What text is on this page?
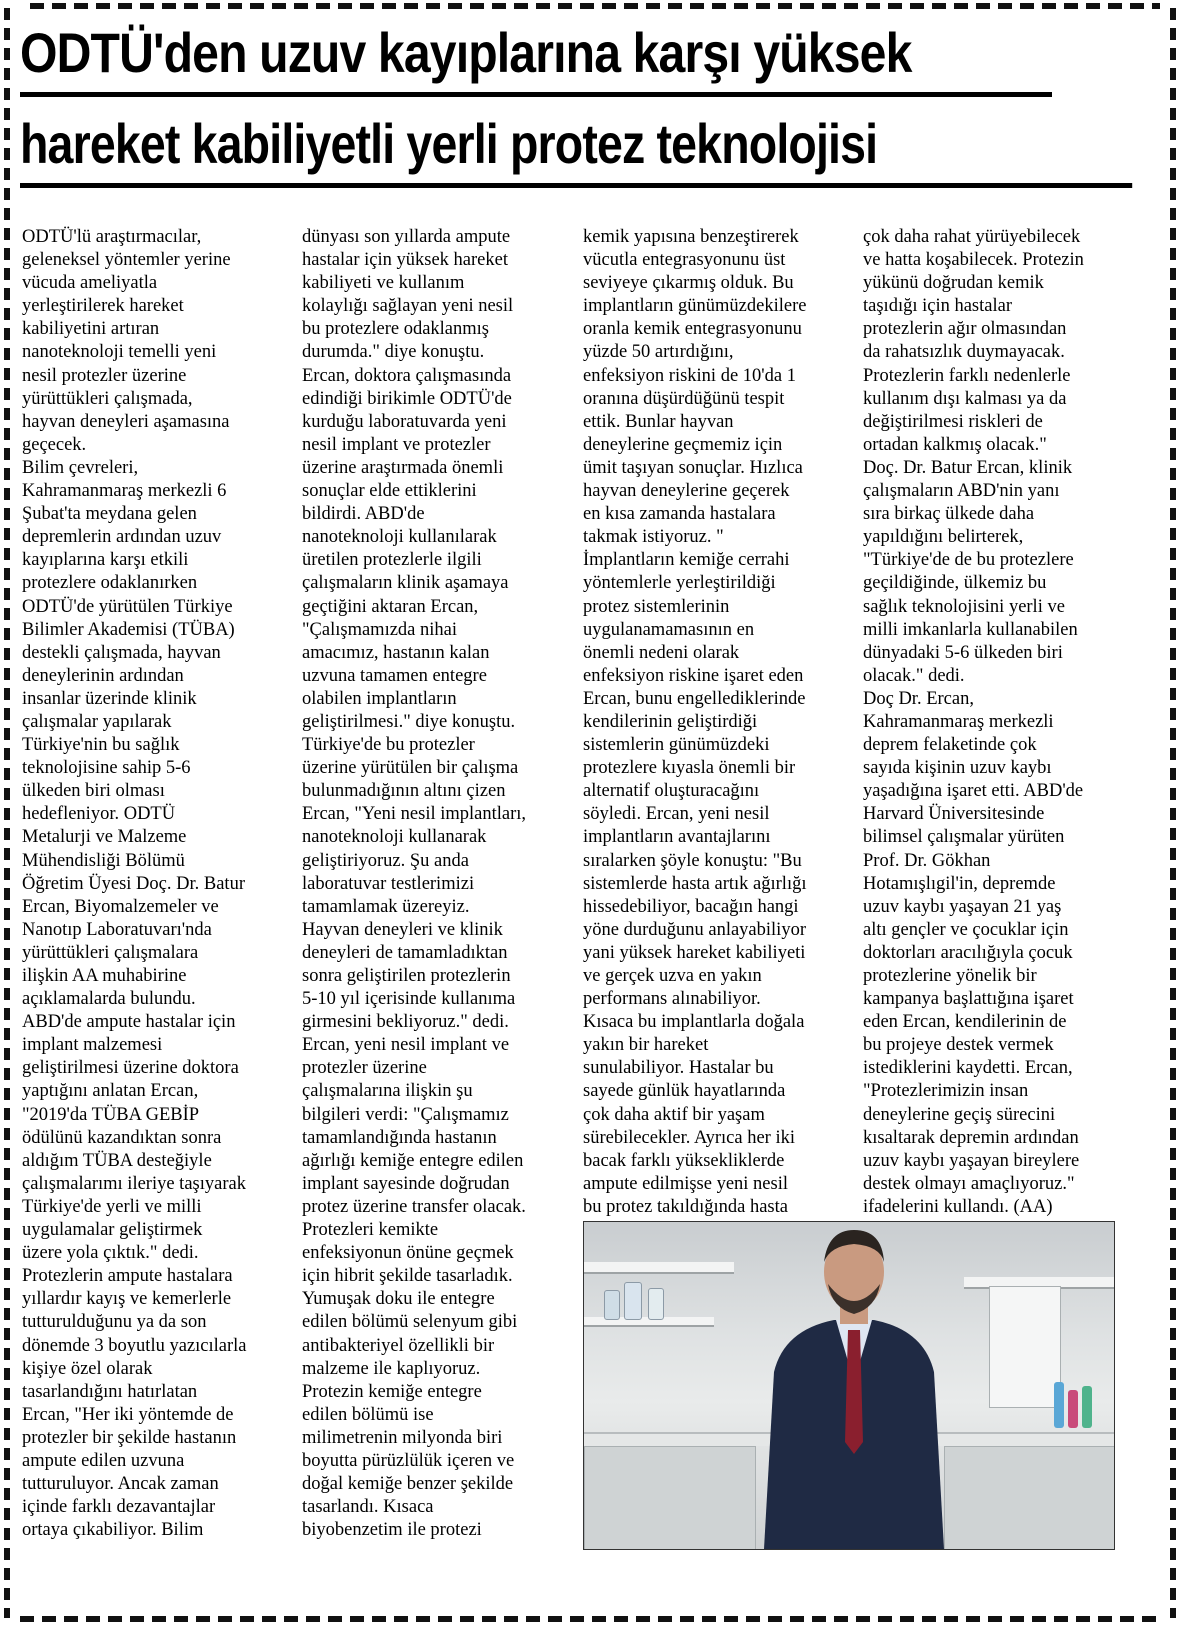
ODTÜ'den uzuv kayıplarına karşı yüksek
hareket kabiliyetli yerli protez teknolojisi
ODTÜ'lü araştırmacılar,
geleneksel yöntemler yerine
vücuda ameliyatla
yerleştirilerek hareket
kabiliyetini artıran
nanoteknoloji temelli yeni
nesil protezler üzerine
yürüttükleri çalışmada,
hayvan deneyleri aşamasına
geçecek.
Bilim çevreleri,
Kahramanmaraş merkezli 6
Şubat'ta meydana gelen
depremlerin ardından uzuv
kayıplarına karşı etkili
protezlere odaklanırken
ODTÜ'de yürütülen Türkiye
Bilimler Akademisi (TÜBA)
destekli çalışmada, hayvan
deneylerinin ardından
insanlar üzerinde klinik
çalışmalar yapılarak
Türkiye'nin bu sağlık
teknolojisine sahip 5-6
ülkeden biri olması
hedefleniyor. ODTÜ
Metalurji ve Malzeme
Mühendisliği Bölümü
Öğretim Üyesi Doç. Dr. Batur
Ercan, Biyomalzemeler ve
Nanotıp Laboratuvarı'nda
yürüttükleri çalışmalara
ilişkin AA muhabirine
açıklamalarda bulundu.
ABD'de ampute hastalar için
implant malzemesi
geliştirilmesi üzerine doktora
yaptığını anlatan Ercan,
"2019'da TÜBA GEBİP
ödülünü kazandıktan sonra
aldığım TÜBA desteğiyle
çalışmalarımı ileriye taşıyarak
Türkiye'de yerli ve milli
uygulamalar geliştirmek
üzere yola çıktık." dedi.
Protezlerin ampute hastalara
yıllardır kayış ve kemerlerle
tutturulduğunu ya da son
dönemde 3 boyutlu yazıcılarla
kişiye özel olarak
tasarlandığını hatırlatan
Ercan, "Her iki yöntemde de
protezler bir şekilde hastanın
ampute edilen uzvuna
tutturuluyor. Ancak zaman
içinde farklı dezavantajlar
ortaya çıkabiliyor. Bilim
dünyası son yıllarda ampute
hastalar için yüksek hareket
kabiliyeti ve kullanım
kolaylığı sağlayan yeni nesil
bu protezlere odaklanmış
durumda." diye konuştu.
Ercan, doktora çalışmasında
edindiği birikimle ODTÜ'de
kurduğu laboratuvarda yeni
nesil implant ve protezler
üzerine araştırmada önemli
sonuçlar elde ettiklerini
bildirdi. ABD'de
nanoteknoloji kullanılarak
üretilen protezlerle ilgili
çalışmaların klinik aşamaya
geçtiğini aktaran Ercan,
"Çalışmamızda nihai
amacımız, hastanın kalan
uzvuna tamamen entegre
olabilen implantların
geliştirilmesi." diye konuştu.
Türkiye'de bu protezler
üzerine yürütülen bir çalışma
bulunmadığının altını çizen
Ercan, "Yeni nesil implantları,
nanoteknoloji kullanarak
geliştiriyoruz. Şu anda
laboratuvar testlerimizi
tamamlamak üzereyiz.
Hayvan deneyleri ve klinik
deneyleri de tamamladıktan
sonra geliştirilen protezlerin
5-10 yıl içerisinde kullanıma
girmesini bekliyoruz." dedi.
Ercan, yeni nesil implant ve
protezler üzerine
çalışmalarına ilişkin şu
bilgileri verdi: "Çalışmamız
tamamlandığında hastanın
ağırlığı kemiğe entegre edilen
implant sayesinde doğrudan
protez üzerine transfer olacak.
Protezleri kemikte
enfeksiyonun önüne geçmek
için hibrit şekilde tasarladık.
Yumuşak doku ile entegre
edilen bölümü selenyum gibi
antibakteriyel özellikli bir
malzeme ile kaplıyoruz.
Protezin kemiğe entegre
edilen bölümü ise
milimetrenin milyonda biri
boyutta pürüzlülük içeren ve
doğal kemiğe benzer şekilde
tasarlandı. Kısaca
biyobenzetim ile protezi
kemik yapısına benzeştirerek
vücutla entegrasyonunu üst
seviyeye çıkarmış olduk. Bu
implantların günümüzdekilere
oranla kemik entegrasyonunu
yüzde 50 artırdığını,
enfeksiyon riskini de 10'da 1
oranına düşürdüğünü tespit
ettik. Bunlar hayvan
deneylerine geçmemiz için
ümit taşıyan sonuçlar. Hızlıca
hayvan deneylerine geçerek
en kısa zamanda hastalara
takmak istiyoruz. "
İmplantların kemiğe cerrahi
yöntemlerle yerleştirildiği
protez sistemlerinin
uygulanamamasının en
önemli nedeni olarak
enfeksiyon riskine işaret eden
Ercan, bunu engellediklerinde
kendilerinin geliştirdiği
sistemlerin günümüzdeki
protezlere kıyasla önemli bir
alternatif oluşturacağını
söyledi. Ercan, yeni nesil
implantların avantajlarını
sıralarken şöyle konuştu: "Bu
sistemlerde hasta artık ağırlığı
hissedebiliyor, bacağın hangi
yöne durduğunu anlayabiliyor
yani yüksek hareket kabiliyeti
ve gerçek uzva en yakın
performans alınabiliyor.
Kısaca bu implantlarla doğala
yakın bir hareket
sunulabiliyor. Hastalar bu
sayede günlük hayatlarında
çok daha aktif bir yaşam
sürebilecekler. Ayrıca her iki
bacak farklı yüksekliklerde
ampute edilmişse yeni nesil
bu protez takıldığında hasta
çok daha rahat yürüyebilecek
ve hatta koşabilecek. Protezin
yükünü doğrudan kemik
taşıdığı için hastalar
protezlerin ağır olmasından
da rahatsızlık duymayacak.
Protezlerin farklı nedenlerle
kullanım dışı kalması ya da
değiştirilmesi riskleri de
ortadan kalkmış olacak."
Doç. Dr. Batur Ercan, klinik
çalışmaların ABD'nin yanı
sıra birkaç ülkede daha
yapıldığını belirterek,
"Türkiye'de de bu protezlere
geçildiğinde, ülkemiz bu
sağlık teknolojisini yerli ve
milli imkanlarla kullanabilen
dünyadaki 5-6 ülkeden biri
olacak." dedi.
Doç Dr. Ercan,
Kahramanmaraş merkezli
deprem felaketinde çok
sayıda kişinin uzuv kaybı
yaşadığına işaret etti. ABD'de
Harvard Üniversitesinde
bilimsel çalışmalar yürüten
Prof. Dr. Gökhan
Hotamışlıgil'in, depremde
uzuv kaybı yaşayan 21 yaş
altı gençler ve çocuklar için
doktorları aracılığıyla çocuk
protezlerine yönelik bir
kampanya başlattığına işaret
eden Ercan, kendilerinin de
bu projeye destek vermek
istediklerini kaydetti. Ercan,
"Protezlerimizin insan
deneylerine geçiş sürecini
kısaltarak depremin ardından
uzuv kaybı yaşayan bireylere
destek olmayı amaçlıyoruz."
ifadelerini kullandı. (AA)
